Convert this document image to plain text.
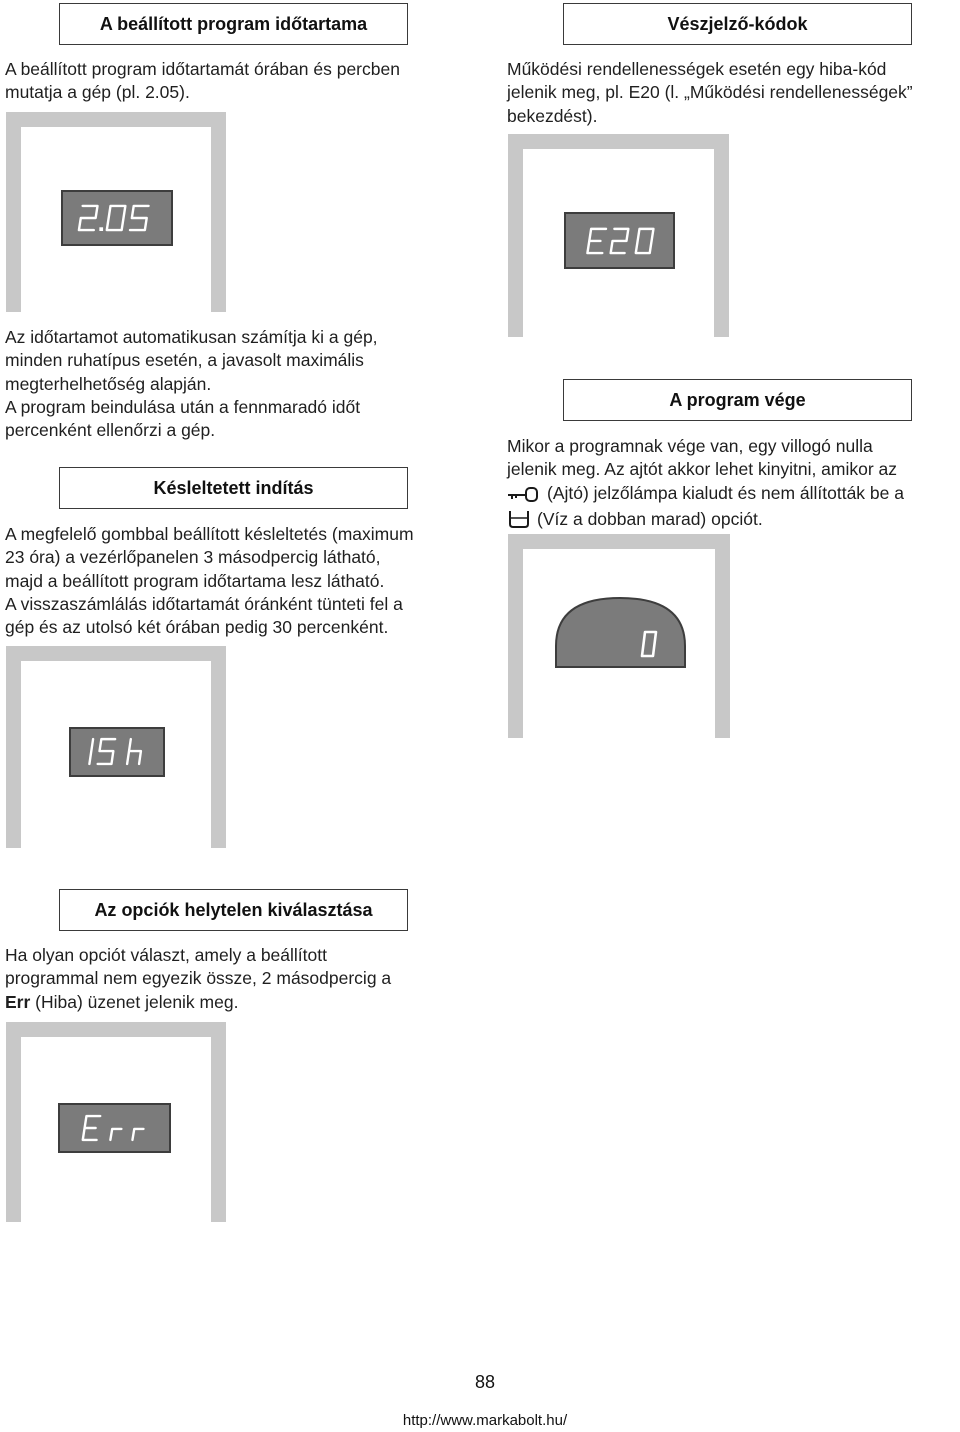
A beállított program időtartama

A beállított program időtartamát órában és percben

mutatja a gép (pl. 2.05).

Az időtartamot automatikusan számítja ki a gép,

minden ruhatípus esetén, a javasolt maximális

megterhelhetőség alapján.

A program beindulása után a fennmaradó időt

percenként ellenőrzi a gép.

Késleltetett indítás

A megfelelő gombbal beállított késleltetés (maximum

23 óra) a vezérlőpanelen 3 másodpercig látható,

majd a beállított program időtartama lesz látható.

A visszaszámlálás időtartamát óránként tünteti fel a

gép és az utolsó két órában pedig 30 percenként.

Az opciók helytelen kiválasztása

Ha olyan opciót választ, amely a beállított

programmal nem egyezik össze, 2 másodpercig a

Err (Hiba) üzenet jelenik meg.

Vészjelző-kódok

Működési rendellenességek esetén egy hiba-kód

jelenik meg, pl. E20 (l. „Működési rendellenességek”

bekezdést).

A program vége

Mikor a programnak vége van, egy villogó nulla

jelenik meg. Az ajtót akkor lehet kinyitni, amikor az

(Ajtó) jelzőlámpa kialudt és nem állították be a

(Víz a dobban marad) opciót.

88
http://www.markabolt.hu/
